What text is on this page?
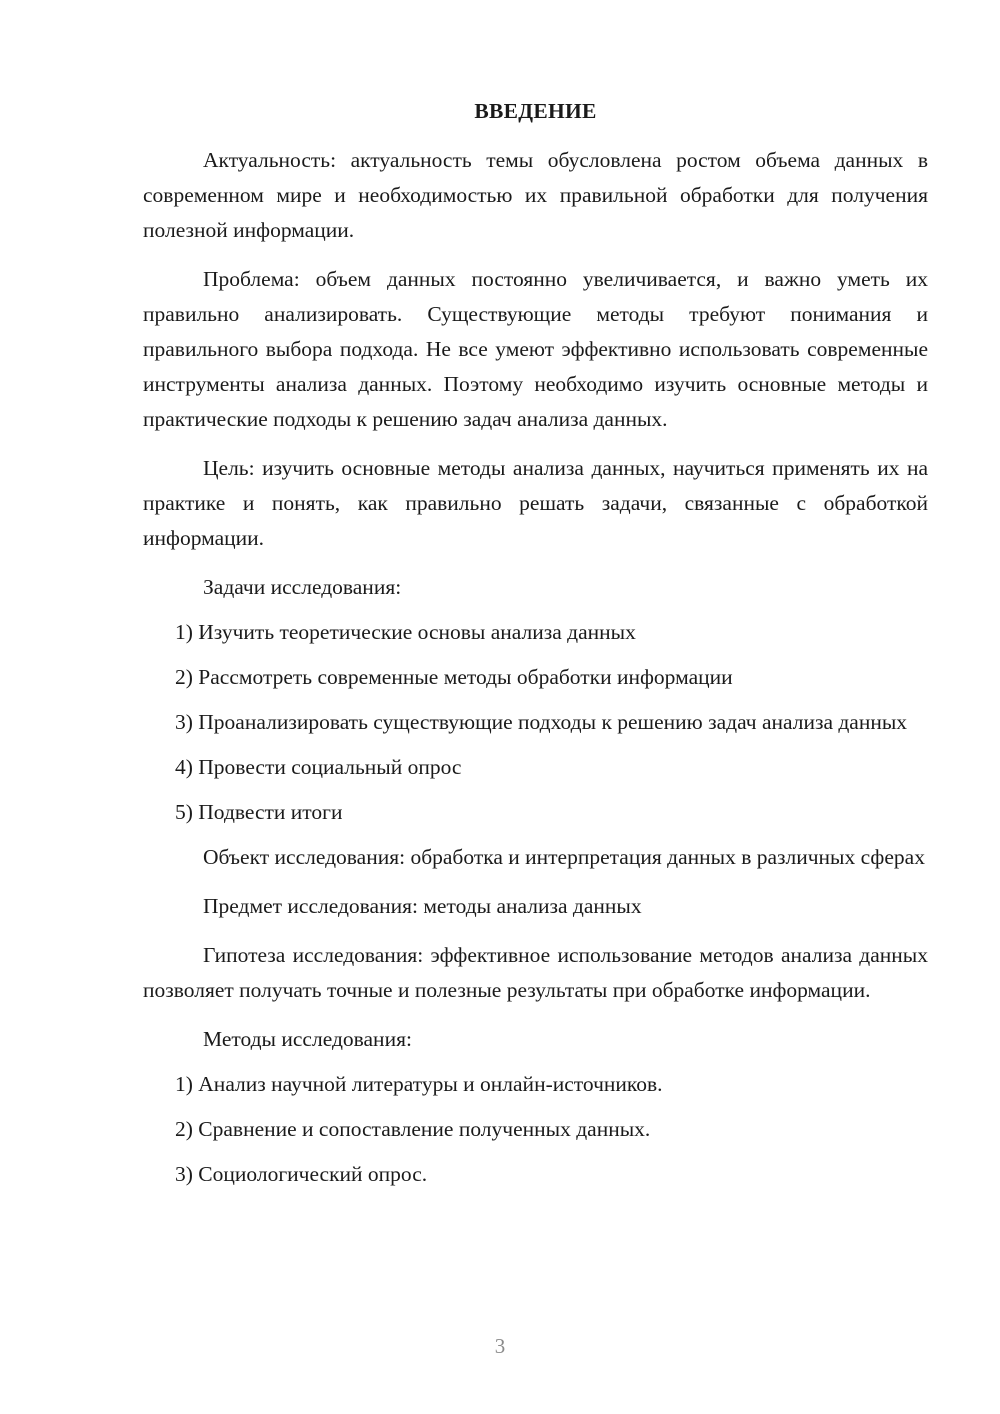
ВВЕДЕНИЕ

Актуальность: актуальность темы обусловлена ростом объема данных в современном мире и необходимостью их правильной обработки для получения полезной информации.

Проблема: объем данных постоянно увеличивается, и важно уметь их правильно анализировать. Существующие методы требуют понимания и правильного выбора подхода. Не все умеют эффективно использовать современные инструменты анализа данных. Поэтому необходимо изучить основные методы и практические подходы к решению задач анализа данных.

Цель: изучить основные методы анализа данных, научиться применять их на практике и понять, как правильно решать задачи, связанные с обработкой информации.

Задачи исследования:

1) Изучить теоретические основы анализа данных

2) Рассмотреть современные методы обработки информации

3) Проанализировать существующие подходы к решению задач анализа данных

4) Провести социальный опрос

5) Подвести итоги

Объект исследования: обработка и интерпретация данных в различных сферах

Предмет исследования: методы анализа данных

Гипотеза исследования: эффективное использование методов анализа данных позволяет получать точные и полезные результаты при обработке информации.

Методы исследования:

1) Анализ научной литературы и онлайн-источников.

2) Сравнение и сопоставление полученных данных.

3) Социологический опрос.

3
